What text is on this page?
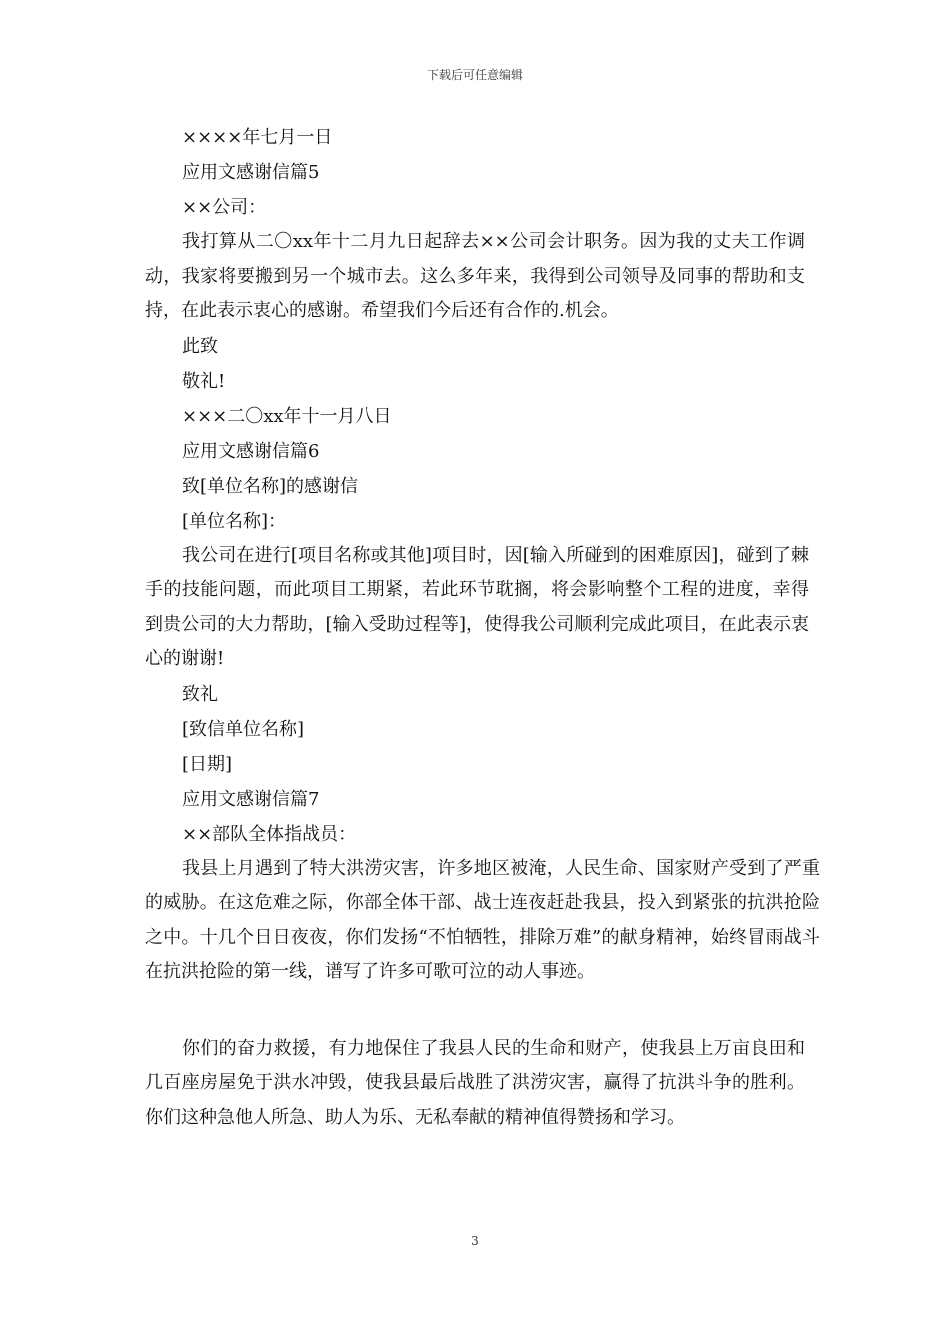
下载后可任意编辑
××××年七月一日
应用文感谢信篇5
××公司：
我打算从二〇xx年十二月九日起辞去××公司会计职务。因为我的丈夫工作调动，我家将要搬到另一个城市去。这么多年来，我得到公司领导及同事的帮助和支持，在此表示衷心的感谢。希望我们今后还有合作的.机会。
此致
敬礼!
×××二〇xx年十一月八日
应用文感谢信篇6
致[单位名称]的感谢信
[单位名称]：
我公司在进行[项目名称或其他]项目时，因[输入所碰到的困难原因]，碰到了棘手的技能问题，而此项目工期紧，若此环节耽搁，将会影响整个工程的进度，幸得到贵公司的大力帮助，[输入受助过程等]，使得我公司顺利完成此项目，在此表示衷心的谢谢!
致礼
[致信单位名称]
[日期]
应用文感谢信篇7
××部队全体指战员：
我县上月遇到了特大洪涝灾害，许多地区被淹，人民生命、国家财产受到了严重的威胁。在这危难之际，你部全体干部、战士连夜赶赴我县，投入到紧张的抗洪抢险之中。十几个日日夜夜，你们发扬“不怕牺牲，排除万难”的献身精神，始终冒雨战斗在抗洪抢险的第一线，谱写了许多可歌可泣的动人事迹。
你们的奋力救援，有力地保住了我县人民的生命和财产，使我县上万亩良田和几百座房屋免于洪水冲毁，使我县最后战胜了洪涝灾害，赢得了抗洪斗争的胜利。你们这种急他人所急、助人为乐、无私奉献的精神值得赞扬和学习。
3
